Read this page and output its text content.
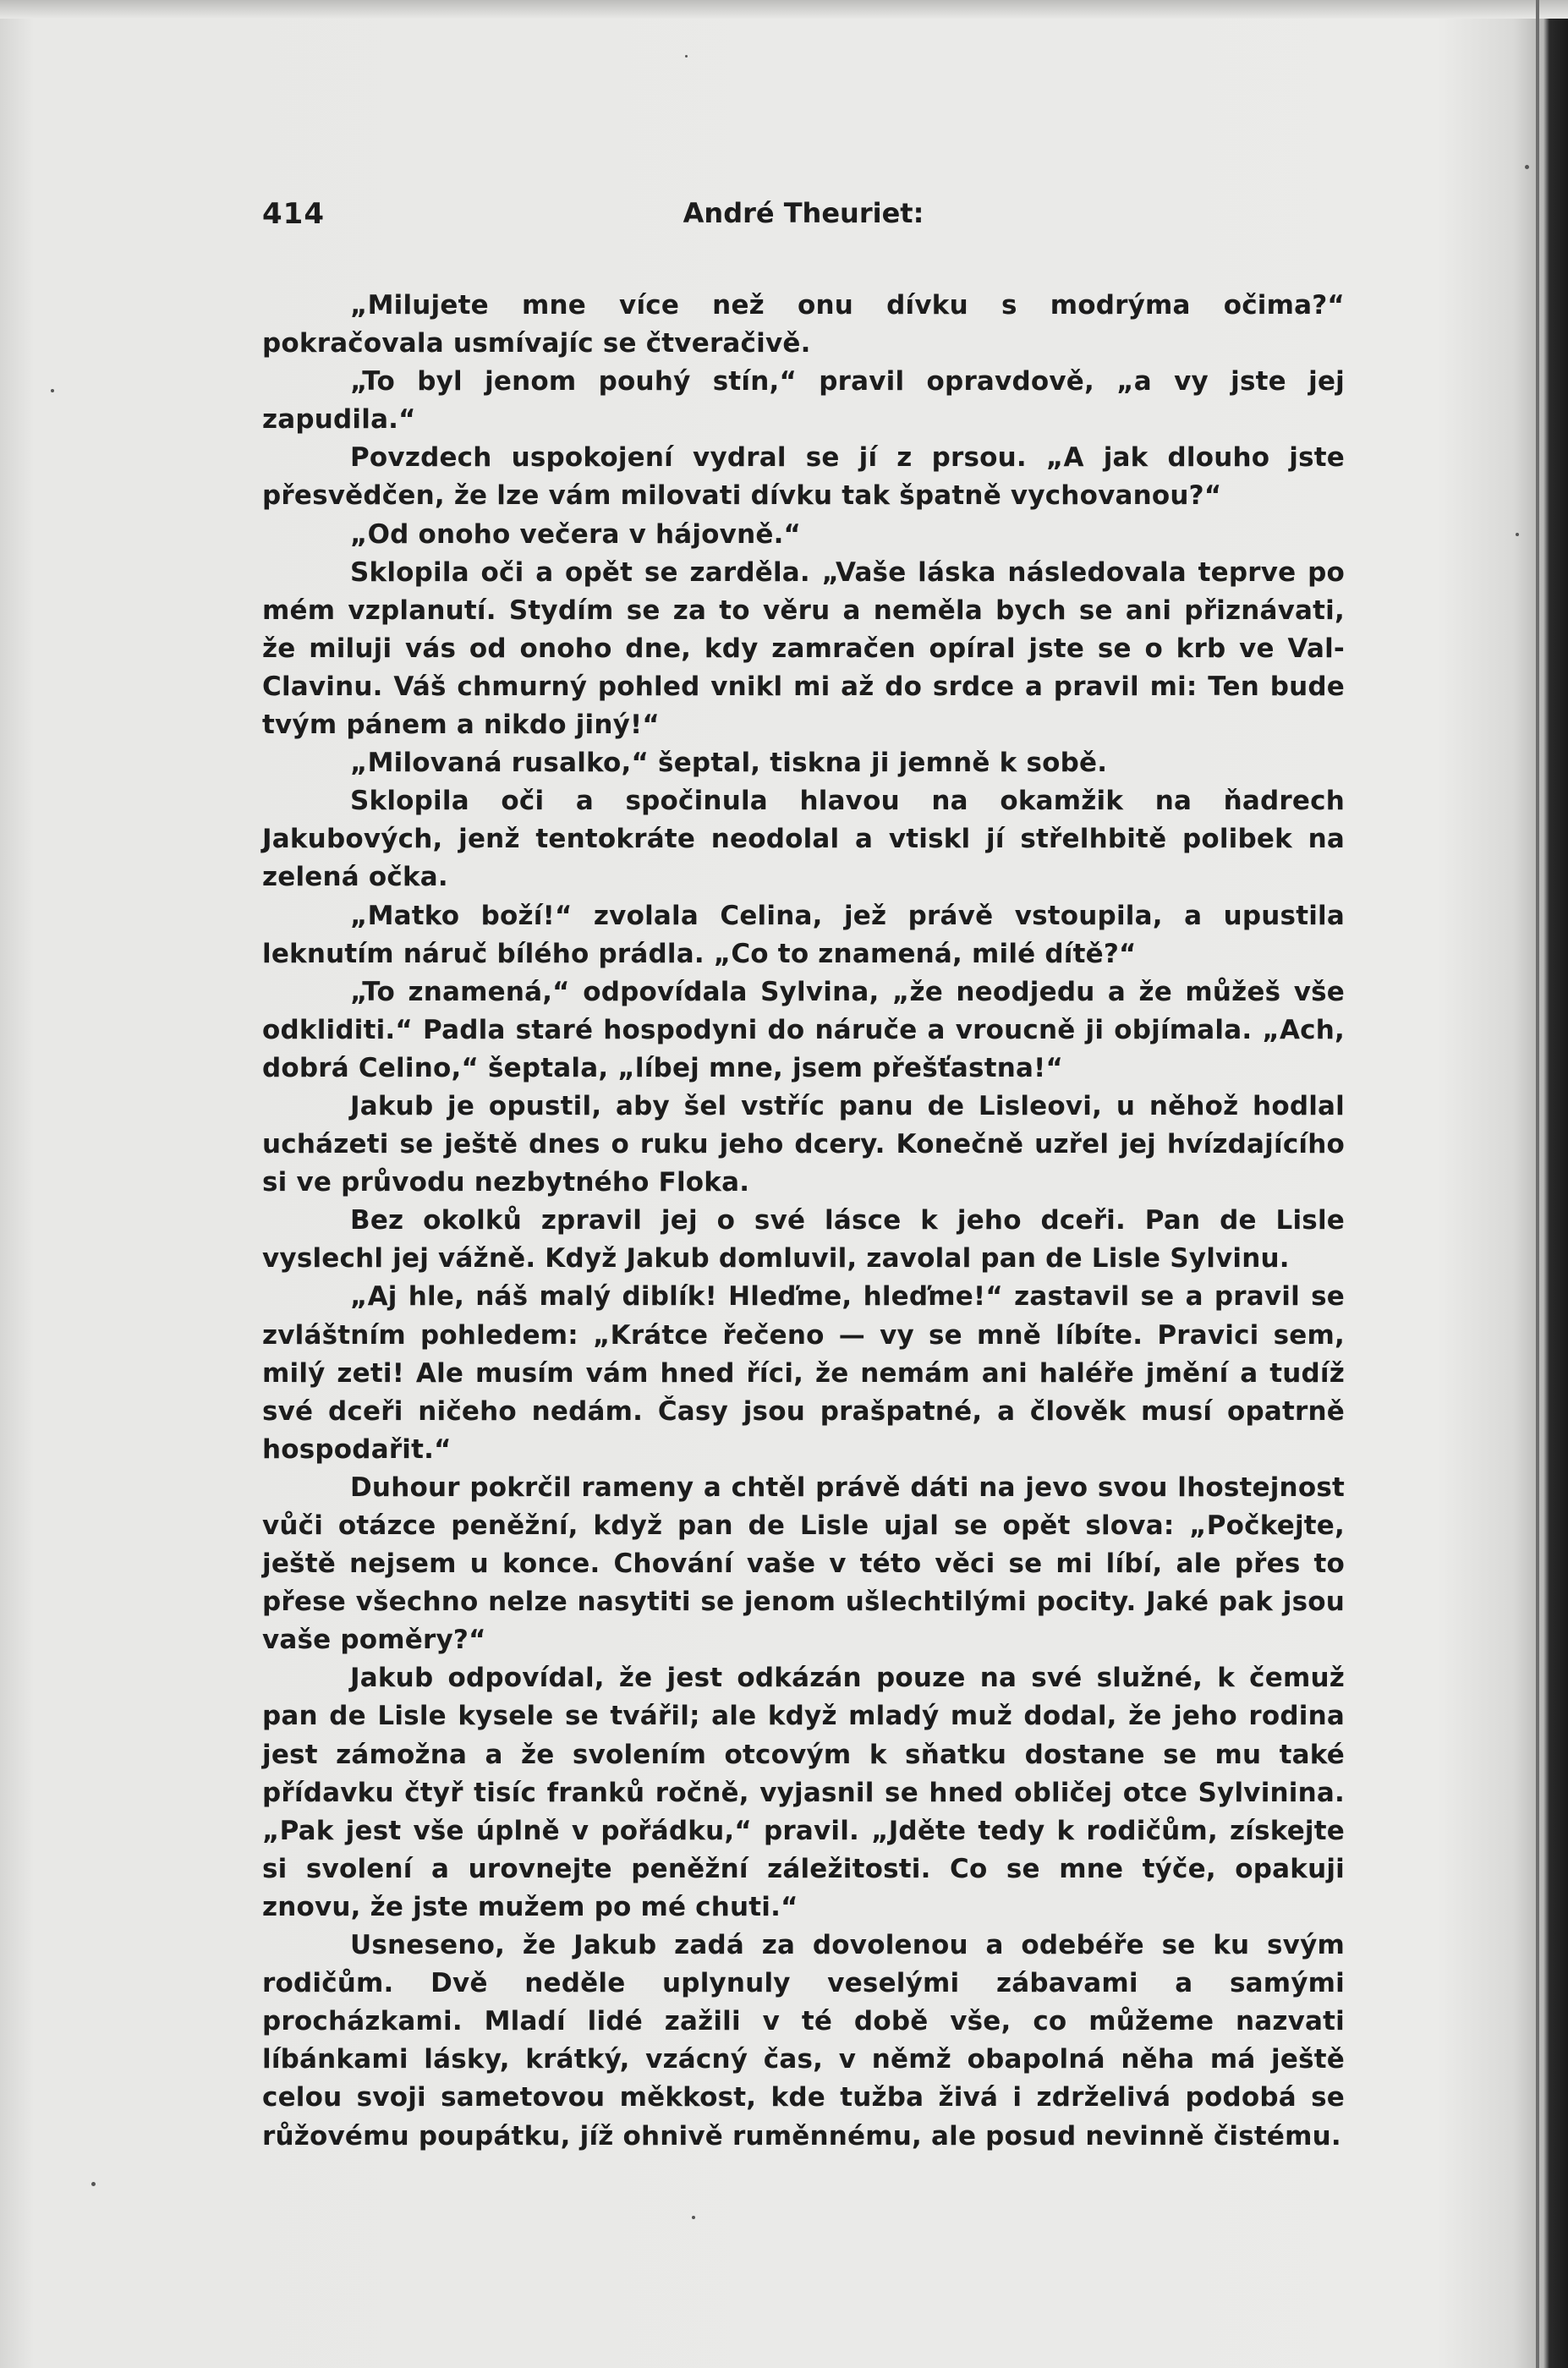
414	André Theuriet:

„Milujete mne více než onu dívku s modrýma očima?“ pokračovala usmívajíc se čtveračivě.

„To byl jenom pouhý stín,“ pravil opravdově, „a vy jste jej zapudila.“

Povzdech uspokojení vydral se jí z prsou. „A jak dlouho jste přesvědčen, že lze vám milovati dívku tak špatně vychovanou?“

„Od onoho večera v hájovně.“

Sklopila oči a opět se zarděla. „Vaše láska následovala teprve po mém vzplanutí. Stydím se za to věru a neměla bych se ani přiznávati, že miluji vás od onoho dne, kdy zamračen opíral jste se o krb ve Val-Clavinu. Váš chmurný pohled vnikl mi až do srdce a pravil mi: Ten bude tvým pánem a nikdo jiný!“

„Milovaná rusalko,“ šeptal, tiskna ji jemně k sobě.

Sklopila oči a spočinula hlavou na okamžik na ňadrech Jakubových, jenž tentokráte neodolal a vtiskl jí střelhbitě polibek na zelená očka.

„Matko boží!“ zvolala Celina, jež právě vstoupila, a upustila leknutím náruč bílého prádla. „Co to znamená, milé dítě?“

„To znamená,“ odpovídala Sylvina, „že neodjedu a že můžeš vše odkliditi.“ Padla staré hospodyni do náruče a vroucně ji objímala. „Ach, dobrá Celino,“ šeptala, „líbej mne, jsem přešťastna!“

Jakub je opustil, aby šel vstříc panu de Lisleovi, u něhož hodlal ucházeti se ještě dnes o ruku jeho dcery. Konečně uzřel jej hvízdajícího si ve průvodu nezbytného Floka.

Bez okolků zpravil jej o své lásce k jeho dceři. Pan de Lisle vyslechl jej vážně. Když Jakub domluvil, zavolal pan de Lisle Sylvinu.

„Aj hle, náš malý diblík! Hleďme, hleďme!“ zastavil se a pravil se zvláštním pohledem: „Krátce řečeno — vy se mně líbíte. Pravici sem, milý zeti! Ale musím vám hned říci, že nemám ani haléře jmění a tudíž své dceři ničeho nedám. Časy jsou prašpatné, a člověk musí opatrně hospodařit.“

Duhour pokrčil rameny a chtěl právě dáti na jevo svou lhostejnost vůči otázce peněžní, když pan de Lisle ujal se opět slova: „Počkejte, ještě nejsem u konce. Chování vaše v této věci se mi líbí, ale přes to přese všechno nelze nasytiti se jenom ušlechtilými pocity. Jaké pak jsou vaše poměry?“

Jakub odpovídal, že jest odkázán pouze na své služné, k čemuž pan de Lisle kysele se tvářil; ale když mladý muž dodal, že jeho rodina jest zámožna a že svolením otcovým k sňatku dostane se mu také přídavku čtyř tisíc franků ročně, vyjasnil se hned obličej otce Sylvinina. „Pak jest vše úplně v pořádku,“ pravil. „Jděte tedy k rodičům, získejte si svolení a urovnejte peněžní záležitosti. Co se mne týče, opakuji znovu, že jste mužem po mé chuti.“

Usneseno, že Jakub zadá za dovolenou a odebéře se ku svým rodičům. Dvě neděle uplynuly veselými zábavami a samými procházkami. Mladí lidé zažili v té době vše, co můžeme nazvati líbánkami lásky, krátký, vzácný čas, v němž obapolná něha má ještě celou svoji sametovou měkkost, kde tužba živá i zdrželivá podobá se růžovému poupátku, jíž ohnivě ruměnnému, ale posud nevinně čistému.
